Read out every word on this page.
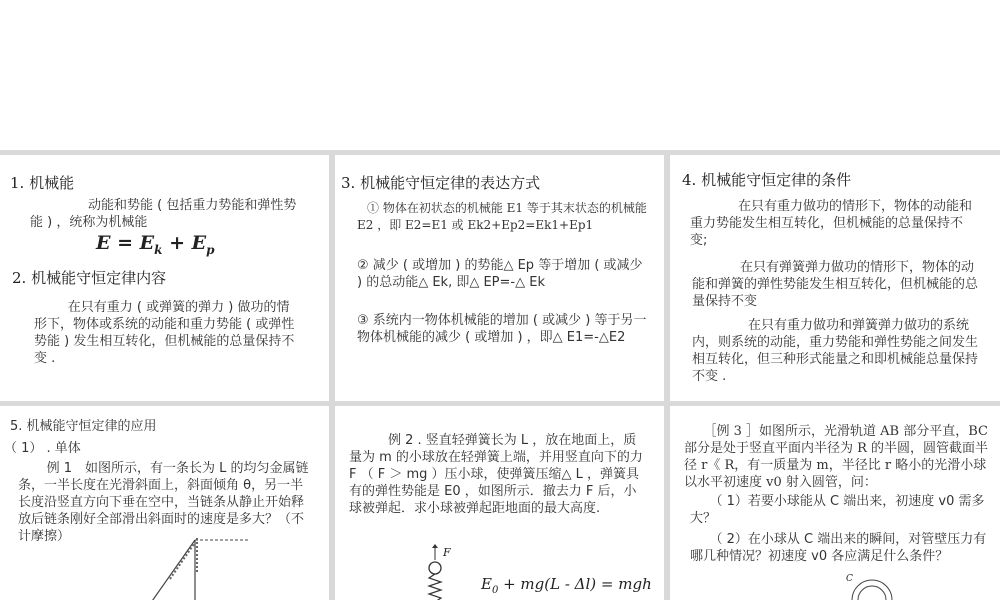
1. 机械能
动能和势能 ( 包括重力势能和弹性势能 ) ，统称为机械能
$E = E_k + E_p$
2. 机械能守恒定律内容
在只有重力 ( 或弹簧的弹力 ) 做功的情形下，物体或系统的动能和重力势能 ( 或弹性势能 ) 发生相互转化，但机械能的总量保持不变 .
3. 机械能守恒定律的表达方式
① 物体在初状态的机械能 E1 等于其末状态的机械能 E2 ，即 E2=E1 或 Ek2+Ep2=Ek1+Ep1
② 减少 ( 或增加 ) 的势能△ Ep 等于增加 ( 或减少 ) 的总动能△ Ek, 即△ EP=-△ Ek
③ 系统内一物体机械能的增加 ( 或减少 ) 等于另一物体机械能的减少 ( 或增加 ) ，即△ E1=-△E2
4. 机械能守恒定律的条件
在只有重力做功的情形下，物体的动能和重力势能发生相互转化，但机械能的总量保持不变;
在只有弹簧弹力做功的情形下，物体的动能和弹簧的弹性势能发生相互转化，但机械能的总量保持不变
在只有重力做功和弹簧弹力做功的系统内，则系统的动能，重力势能和弹性势能之间发生相互转化，但三种形式能量之和即机械能总量保持不变 .
5. 机械能守恒定律的应用
（ 1） . 单体
例 1　如图所示，有一条长为 L 的均匀金属链条，一半长度在光滑斜面上，斜面倾角 θ，另一半长度沿竖直方向下垂在空中，当链条从静止开始释放后链条刚好全部滑出斜面时的速度是多大？（不计摩擦）
例 2 . 竖直轻弹簧长为 L ，放在地面上，质量为 m 的小球放在轻弹簧上端，并用竖直向下的力 F （ F ＞ mg ）压小球，使弹簧压缩△ L ，弹簧具有的弹性势能是 E0 ，如图所示．撤去力 F 后，小球被弹起．求小球被弹起距地面的最大高度.
F
$E_0 + mg(L - \Delta l)$ = mgh
［例 3 ］如图所示，光滑轨道 AB 部分平直，BC 部分是处于竖直平面内半径为 R 的半圆，圆管截面半径 r《 R，有一质量为 m，半径比 r 略小的光滑小球以水平初速度 v0 射入圆管，问：
（ 1）若要小球能从 C 端出来，初速度 v0 需多大？
（ 2）在小球从 C 端出来的瞬间，对管壁压力有哪几种情况？初速度 v0 各应满足什么条件？
C
